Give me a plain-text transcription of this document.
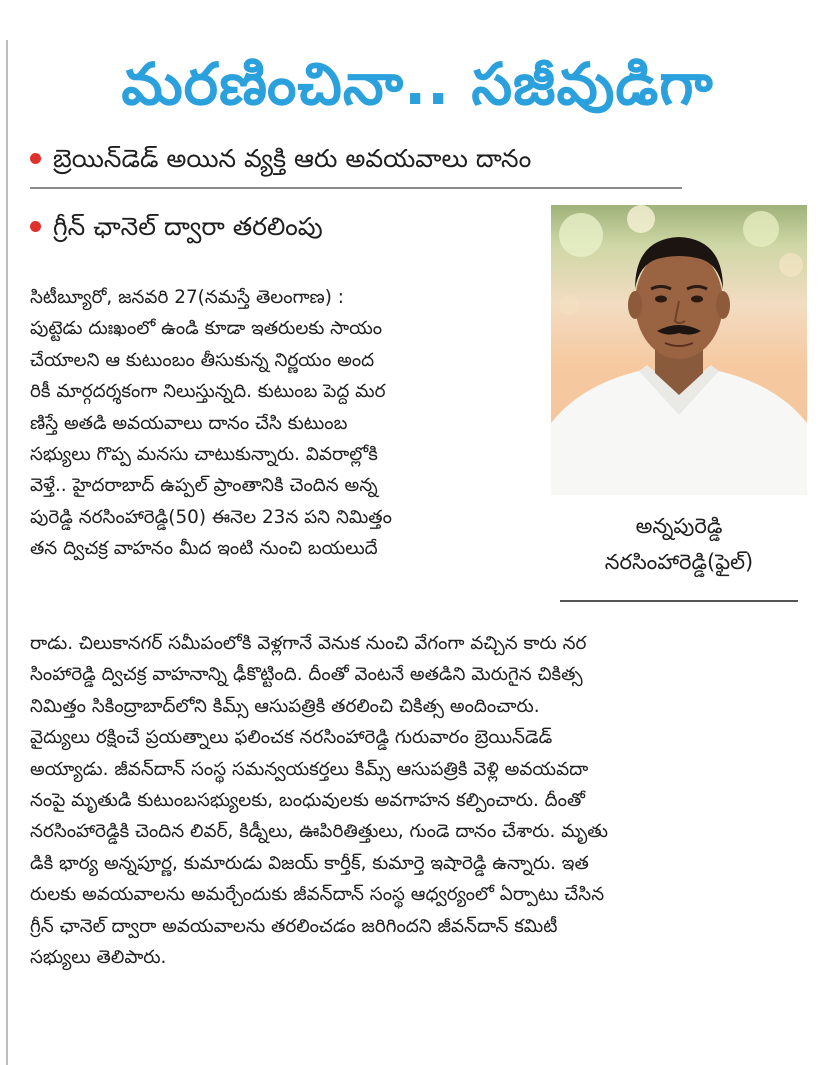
మరణించినా.. సజీవుడిగా
బ్రెయిన్‌డెడ్ అయిన వ్యక్తి ఆరు అవయవాలు దానం
గ్రీన్ ఛానెల్ ద్వారా తరలింపు
అన్నపురెడ్డి
నరసింహారెడ్డి(ఫైల్)
సిటీబ్యూరో, జనవరి 27(నమస్తే తెలంగాణ) :
పుట్టెడు దుఃఖంలో ఉండి కూడా ఇతరులకు సాయం
చేయాలని ఆ కుటుంబం తీసుకున్న నిర్ణయం అంద
రికీ మార్గదర్శకంగా నిలుస్తున్నది. కుటుంబ పెద్ద మర
ణిస్తే అతడి అవయవాలు దానం చేసి కుటుంబ
సభ్యులు గొప్ప మనసు చాటుకున్నారు. వివరాల్లోకి
వెళ్తే.. హైదరాబాద్ ఉప్పల్ ప్రాంతానికి చెందిన అన్న
పురెడ్డి నరసింహారెడ్డి(50) ఈనెల 23న పని నిమిత్తం
తన ద్విచక్ర వాహనం మీద ఇంటి నుంచి బయలుదే
రాడు. చిలుకానగర్ సమీపంలోకి వెళ్లగానే వెనుక నుంచి వేగంగా వచ్చిన కారు నర
సింహారెడ్డి ద్విచక్ర వాహనాన్ని ఢీకొట్టింది. దీంతో వెంటనే అతడిని మెరుగైన చికిత్స
నిమిత్తం సికింద్రాబాద్‌లోని కిమ్స్ ఆసుపత్రికి తరలించి చికిత్స అందించారు.
వైద్యులు రక్షించే ప్రయత్నాలు ఫలించక నరసింహారెడ్డి గురువారం బ్రెయిన్‌డెడ్
అయ్యాడు. జీవన్‌దాన్ సంస్థ సమన్వయకర్తలు కిమ్స్ ఆసుపత్రికి వెళ్లి అవయవదా
నంపై మృతుడి కుటుంబసభ్యులకు, బంధువులకు అవగాహన కల్పించారు. దీంతో
నరసింహారెడ్డికి చెందిన లివర్, కిడ్నీలు, ఊపిరితిత్తులు, గుండె దానం చేశారు. మృతు
డికి భార్య అన్నపూర్ణ, కుమారుడు విజయ్ కార్తీక్, కుమార్తె ఇషారెడ్డి ఉన్నారు. ఇత
రులకు అవయవాలను అమర్చేందుకు జీవన్‌దాన్ సంస్థ ఆధ్వర్యంలో ఏర్పాటు చేసిన
గ్రీన్ ఛానెల్ ద్వారా అవయవాలను తరలించడం జరిగిందని జీవన్‌దాన్ కమిటీ
సభ్యులు తెలిపారు.
